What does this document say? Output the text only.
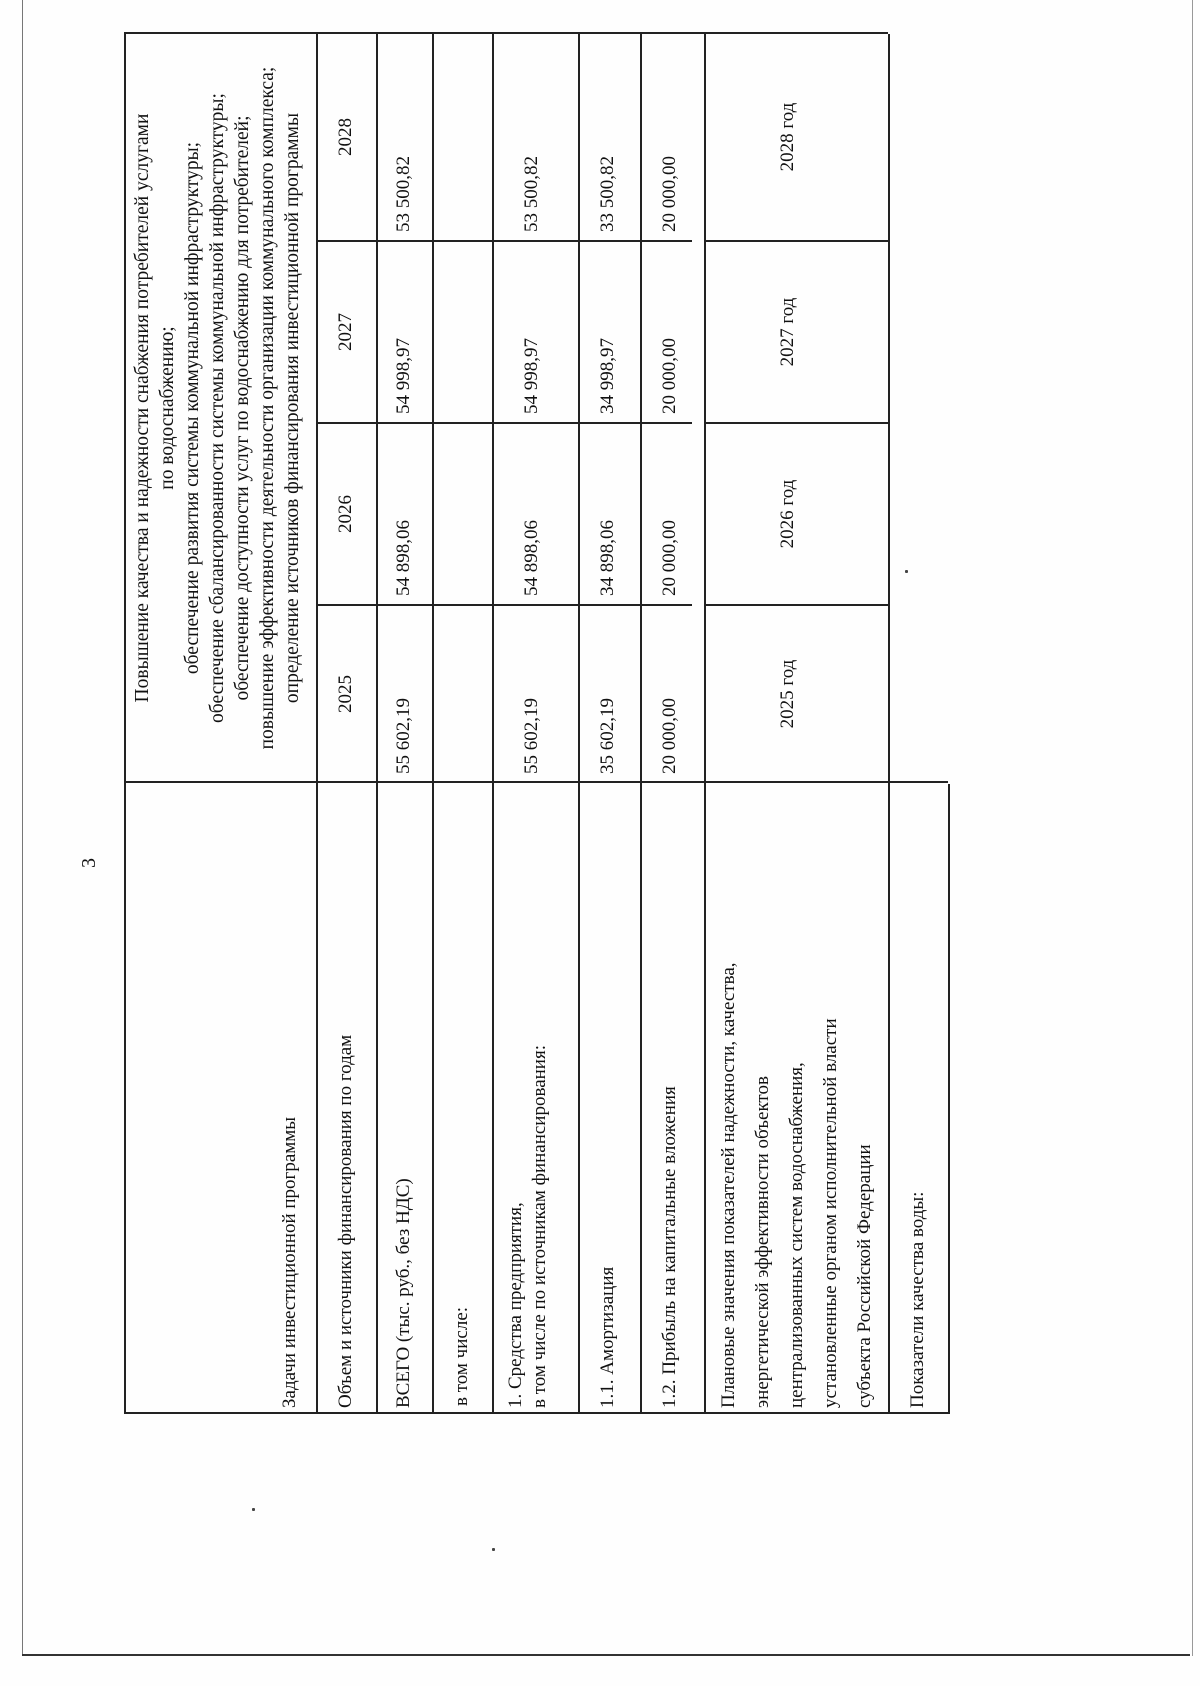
3
Задачи инвестиционной программы
Повышение качества и надежности снабжения потребителей услугами по водоснабжению; обеспечение развития системы коммунальной инфраструктуры; обеспечение сбалансированности системы коммунальной инфраструктуры; обеспечение доступности услуг по водоснабжению для потребителей; повышение эффективности деятельности организации коммунального комплекса; определение источников финансирования инвестиционной программы
Объем и источники финансирования по годам
2025
2026
2027
2028
ВСЕГО (тыс. руб., без НДС)
55 602,19
54 898,06
54 998,97
53 500,82
в том числе: 1. Средства предприятия, в том числе по источникам финансирования:
55 602,19
54 898,06
54 998,97
53 500,82
1.1. Амортизация
35 602,19
34 898,06
34 998,97
33 500,82
1.2. Прибыль на капитальные вложения
20 000,00
20 000,00
20 000,00
20 000,00
Плановые значения показателей надежности, качества, энергетической эффективности объектов централизованных систем водоснабжения, установленные органом исполнительной власти субъекта Российской Федерации
2025 год
2026 год
2027 год
2028 год
Показатели качества воды:
